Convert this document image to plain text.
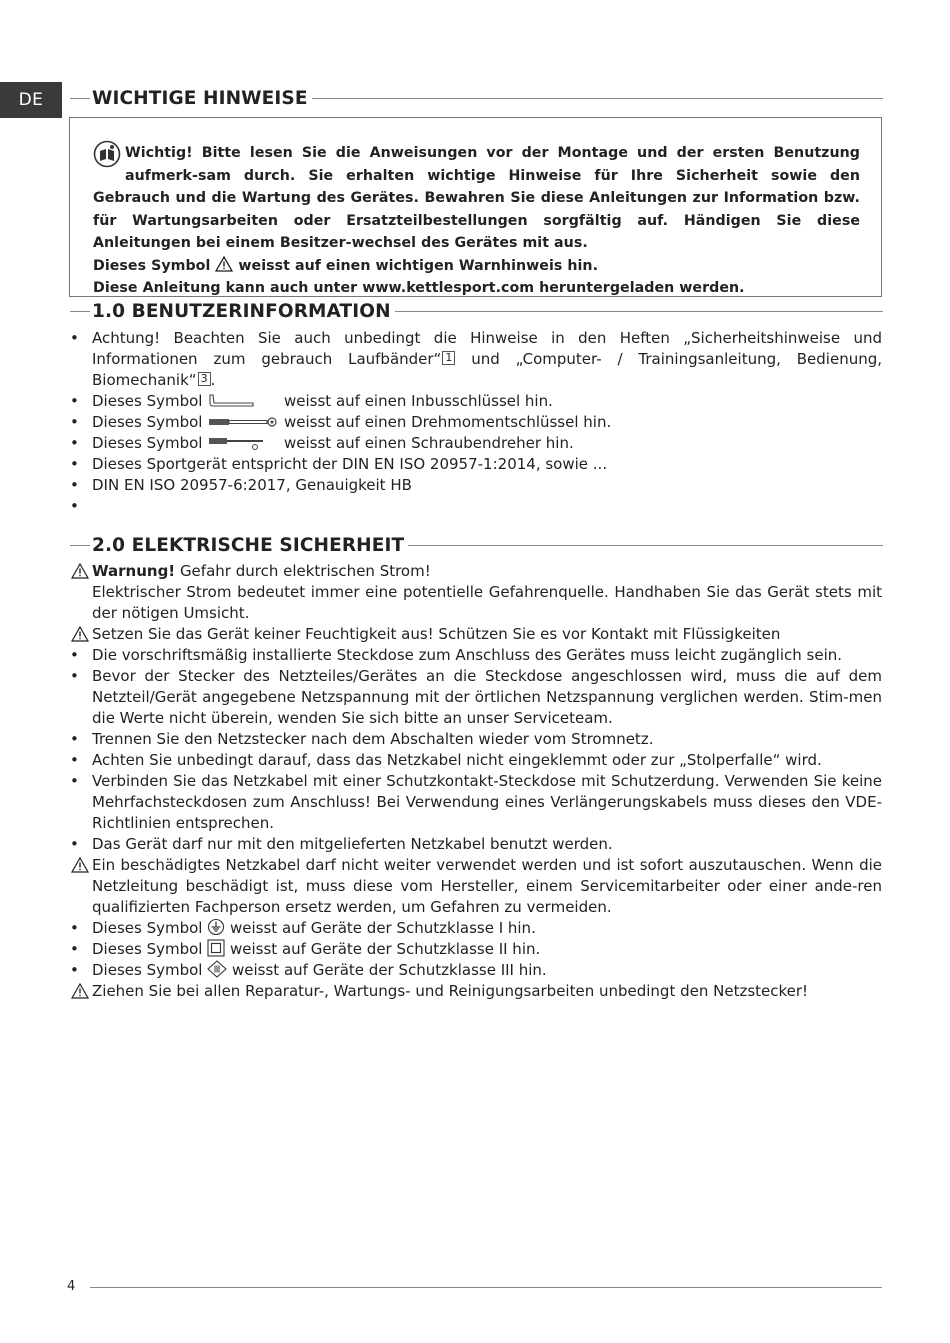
DE	WICHTIGE HINWEISE
Wichtig! Bitte lesen Sie die Anweisungen vor der Montage und der ersten Benutzung aufmerk-sam durch. Sie erhalten wichtige Hinweise für Ihre Sicherheit sowie den Gebrauch und die Wartung des Gerätes. Bewahren Sie diese Anleitungen zur Information bzw. für Wartungsarbeiten oder Ersatzteilbestellungen sorgfältig auf. Händigen Sie diese Anleitungen bei einem Besitzer-wechsel des Gerätes mit aus.
Dieses Symbol weisst auf einen wichtigen Warnhinweis hin.
Diese Anleitung kann auch unter www.kettlesport.com heruntergeladen werden.
1.0 BENUTZERINFORMATION
•
Achtung! Beachten Sie auch unbedingt die Hinweise in den Heften „Sicherheitshinweise und Informationen zum gebrauch Laufbänder“ 1 und „Computer- / Trainingsanleitung, Bedienung, Biomechanik“ 3 .
•
Dieses Symbol	weisst auf einen Inbusschlüssel hin.
•
Dieses Symbol	weisst auf einen Drehmomentschlüssel hin.
•
Dieses Symbol	weisst auf einen Schraubendreher hin.
•
Dieses Sportgerät entspricht der DIN EN ISO 20957-1:2014, sowie ...
•
DIN EN ISO 20957-6:2017, Genauigkeit HB
•
2.0 ELEKTRISCHE SICHERHEIT
Warnung! Gefahr durch elektrischen Strom!
Elektrischer Strom bedeutet immer eine potentielle Gefahrenquelle. Handhaben Sie das Gerät stets mit der nötigen Umsicht.
Setzen Sie das Gerät keiner Feuchtigkeit aus! Schützen Sie es vor Kontakt mit Flüssigkeiten
•
Die vorschriftsmäßig installierte Steckdose zum Anschluss des Gerätes muss leicht zugänglich sein.
•
Bevor der Stecker des Netzteiles/Gerätes an die Steckdose angeschlossen wird, muss die auf dem Netzteil/Gerät angegebene Netzspannung mit der örtlichen Netzspannung verglichen werden. Stim-men die Werte nicht überein, wenden Sie sich bitte an unser Serviceteam.
•
Trennen Sie den Netzstecker nach dem Abschalten wieder vom Stromnetz.
•
Achten Sie unbedingt darauf, dass das Netzkabel nicht eingeklemmt oder zur „Stolperfalle“ wird.
•
Verbinden Sie das Netzkabel mit einer Schutzkontakt-Steckdose mit Schutzerdung. Verwenden Sie keine Mehrfachsteckdosen zum Anschluss! Bei Verwendung eines Verlängerungskabels muss dieses den VDE-Richtlinien entsprechen.
•
Das Gerät darf nur mit den mitgelieferten Netzkabel benutzt werden.
Ein beschädigtes Netzkabel darf nicht weiter verwendet werden und ist sofort auszutauschen. Wenn die Netzleitung beschädigt ist, muss diese vom Hersteller, einem Servicemitarbeiter oder einer ande-ren qualifizierten Fachperson ersetz werden, um Gefahren zu vermeiden.
•
Dieses Symbol weisst auf Geräte der Schutzklasse I hin.
•
Dieses Symbol weisst auf Geräte der Schutzklasse II hin.
•
Dieses Symbol weisst auf Geräte der Schutzklasse III hin.
Ziehen Sie bei allen Reparatur-, Wartungs- und Reinigungsarbeiten unbedingt den Netzstecker!
4
